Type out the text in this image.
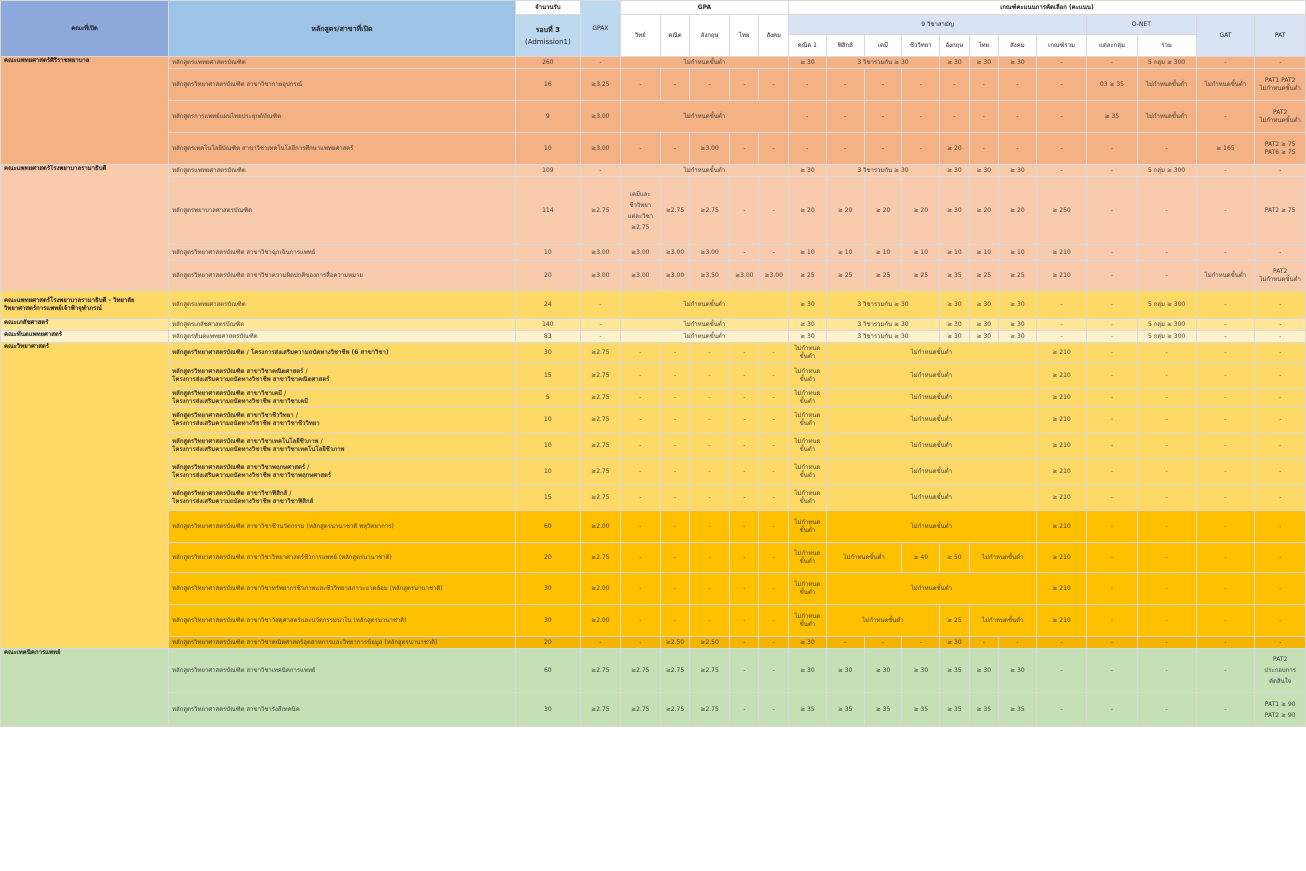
คณะที่เปิด	หลักสูตร/สาขาที่เปิด	จำนวนรับ	GPAX	GPA					เกณฑ์คะแนนการคัดเลือก (คะแนน)											
		รอบที่ 3
(Admission1)		วิทย์	คณิต	อังกฤษ	ไทย	สังคม	9 วิชาสามัญ								O-NET		GAT	PAT

									คณิต 1	ฟิสิกส์	เคมี	ชีววิทยา	อังกฤษ	ไทย	สังคม	เกณฑ์รวม	แต่ละกลุ่ม	รวม		
คณะแพทยศาสตร์ศิริราชพยาบาล	หลักสูตรแพทยศาสตรบัณฑิต	260	-	ไม่กำหนดขั้นต่ำ					≥ 30	3 วิชารวมกัน ≥ 30			≥ 30	≥ 30	≥ 30	-	-	5 กลุ่ม ≥ 300	-	-
	หลักสูตรวิทยาศาสตรบัณฑิต สาขาวิชากายอุปกรณ์	16	≥3.25	-	-	-	-	-	-	-	-	-	-	-	-	-	03 ≥ 35	ไม่กำหนดขั้นต่ำ	ไม่กำหนดขั้นต่ำ	PAT1 PAT2
ไม่กำหนดขั้นต่ำ
	หลักสูตรการแพทย์แผนไทยประยุกต์บัณฑิต	9	≥3.00	ไม่กำหนดขั้นต่ำ					-	-	-	-	-	-	-	-	≥ 35	ไม่กำหนดขั้นต่ำ	-	PAT2
ไม่กำหนดขั้นต่ำ
	หลักสูตรเทคโนโลยีบัณฑิต สาขาวิชาเทคโนโลยีการศึกษาแพทยศาสตร์	10	≥3.00	-	-	≥3.00	-	-	-	-	-	-	≥ 20	-	-	-	-	-	≥ 165	PAT2 ≥ 75
PAT6 ≥ 75
คณะแพทยศาสตร์โรงพยาบาลรามาธิบดี	หลักสูตรแพทยศาสตรบัณฑิต	109	-	ไม่กำหนดขั้นต่ำ					≥ 30	3 วิชารวมกัน ≥ 30			≥ 30	≥ 30	≥ 30	-	-	5 กลุ่ม ≥ 300	-	-
	หลักสูตรพยาบาลศาสตรบัณฑิต	114	≥2.75	เคมีและ
ชีววิทยา
แต่ละวิชา
≥2.75	≥2.75	≥2.75	-	-	≥ 20	≥ 20	≥ 20	≥ 20	≥ 30	≥ 20	≥ 20	≥ 250	-	-	-	PAT2 ≥ 75
	หลักสูตรวิทยาศาสตรบัณฑิต สาขาวิชาฉุกเฉินการแพทย์	10	≥3.00	≥3.00	≥3.00	≥3.00	-	-	≥ 10	≥ 10	≥ 10	≥ 10	≥ 10	≥ 10	≥ 10	≥ 210	-	-	-	-
	หลักสูตรวิทยาศาสตรบัณฑิต สาขาวิชาความผิดปกติของการสื่อความหมาย	20	≥3.00	≥3.00	≥3.00	≥3.50	≥3.00	≥3.00	≥ 25	≥ 25	≥ 25	≥ 25	≥ 35	≥ 25	≥ 25	≥ 210	-	-	ไม่กำหนดขั้นต่ำ	PAT2
ไม่กำหนดขั้นต่ำ
คณะแพทยศาสตร์โรงพยาบาลรามาธิบดี - วิทยาลัยวิทยาศาสตร์การแพทย์เจ้าฟ้าจุฬาภรณ์	หลักสูตรแพทยศาสตรบัณฑิต	24	-	ไม่กำหนดขั้นต่ำ					≥ 30	3 วิชารวมกัน ≥ 30			≥ 30	≥ 30	≥ 30	-	-	5 กลุ่ม ≥ 300	-	-
คณะเภสัชศาสตร์	หลักสูตรเภสัชศาสตรบัณฑิต	140	-	ไม่กำหนดขั้นต่ำ					≥ 30	3 วิชารวมกัน ≥ 30			≥ 30	≥ 30	≥ 30	-	-	5 กลุ่ม ≥ 300	-	-
คณะทันตแพทยศาสตร์	หลักสูตรทันตแพทยศาสตรบัณฑิต	83	-	ไม่กำหนดขั้นต่ำ					≥ 30	3 วิชารวมกัน ≥ 30			≥ 30	≥ 30	≥ 30	-	-	5 กลุ่ม ≥ 300	-	-
คณะวิทยาศาสตร์	หลักสูตรวิทยาศาสตรบัณฑิต / โครงการส่งเสริมความถนัดทางวิชาชีพ (6 สาขาวิชา)	30	≥2.75	-	-	-	-	-	ไม่กำหนด
ขั้นต่ำ	ไม่กำหนดขั้นต่ำ						≥ 210	-	-	-	-
	หลักสูตรวิทยาศาสตรบัณฑิต สาขาวิชาคณิตศาสตร์ /
โครงการส่งเสริมความถนัดทางวิชาชีพ สาขาวิชาคณิตศาสตร์	15	≥2.75	-	-	-	-	-	ไม่กำหนด
ขั้นต่ำ	ไม่กำหนดขั้นต่ำ						≥ 210	-	-	-	-
	หลักสูตรวิทยาศาสตรบัณฑิต สาขาวิชาเคมี /
โครงการส่งเสริมความถนัดทางวิชาชีพ สาขาวิชาเคมี	5	≥2.75	-	-	-	-	-	ไม่กำหนด
ขั้นต่ำ	ไม่กำหนดขั้นต่ำ						≥ 210	-	-	-	-
	หลักสูตรวิทยาศาสตรบัณฑิต สาขาวิชาชีววิทยา /
โครงการส่งเสริมความถนัดทางวิชาชีพ สาขาวิชาชีววิทยา	10	≥2.75	-	-	-	-	-	ไม่กำหนด
ขั้นต่ำ	ไม่กำหนดขั้นต่ำ						≥ 210	-	-	-	-
	หลักสูตรวิทยาศาสตรบัณฑิต สาขาวิชาเทคโนโลยีชีวภาพ /
โครงการส่งเสริมความถนัดทางวิชาชีพ สาขาวิชาเทคโนโลยีชีวภาพ	10	≥2.75	-	-	-	-	-	ไม่กำหนด
ขั้นต่ำ	ไม่กำหนดขั้นต่ำ						≥ 210	-	-	-	-
	หลักสูตรวิทยาศาสตรบัณฑิต สาขาวิชาพฤกษศาสตร์ /
โครงการส่งเสริมความถนัดทางวิชาชีพ สาขาวิชาพฤกษศาสตร์	10	≥2.75	-	-	-	-	-	ไม่กำหนด
ขั้นต่ำ	ไม่กำหนดขั้นต่ำ						≥ 210	-	-	-	-
	หลักสูตรวิทยาศาสตรบัณฑิต สาขาวิชาฟิสิกส์ /
โครงการส่งเสริมความถนัดทางวิชาชีพ สาขาวิชาฟิสิกส์	15	≥2.75	-	-	-	-	-	ไม่กำหนด
ขั้นต่ำ	ไม่กำหนดขั้นต่ำ						≥ 210	-	-	-	-
	หลักสูตรวิทยาศาสตรบัณฑิต สาขาวิชาชีวนวัตกรรม (หลักสูตรนานาชาติ พหุวิทยาการ)	60	≥2.00	-	-	-	-	-	ไม่กำหนด
ขั้นต่ำ	ไม่กำหนดขั้นต่ำ						≥ 210	-	-	-	-
	หลักสูตรวิทยาศาสตรบัณฑิต สาขาวิชาวิทยาศาสตร์ชีวการแพทย์ (หลักสูตรนานาชาติ)	20	≥2.75	-	-	-	-	-	ไม่กำหนด
ขั้นต่ำ	ไม่กำหนดขั้นต่ำ		≥ 40	≥ 50	ไม่กำหนดขั้นต่ำ		≥ 210	-	-	-	-
	หลักสูตรวิทยาศาสตรบัณฑิต สาขาวิชาทรัพยากรชีวภาพและชีววิทยาสภาวะแวดล้อม (หลักสูตรนานาชาติ)	30	≥2.00	-	-	-	-	-	ไม่กำหนด
ขั้นต่ำ	ไม่กำหนดขั้นต่ำ						≥ 210	-	-	-	-
	หลักสูตรวิทยาศาสตรบัณฑิต สาขาวิชาวัสดุศาสตร์และนวัตกรรมนาโน (หลักสูตรนานาชาติ)	30	≥2.00	-	-	-	-	-	ไม่กำหนด
ขั้นต่ำ	ไม่กำหนดขั้นต่ำ			≥ 25	ไม่กำหนดขั้นต่ำ		≥ 210	-	-	-	-
	หลักสูตรวิทยาศาสตรบัณฑิต สาขาวิชาคณิตศาสตร์อุตสาหการและวิทยาการข้อมูล (หลักสูตรนานาชาติ)	20	-	-	≥2.50	≥2.50	-	-	≥ 30	-	-	-	≥ 30	-	-	-	-	-	-	-
คณะเทคนิคการแพทย์	หลักสูตรวิทยาศาสตรบัณฑิต สาขาวิชาเทคนิคการแพทย์	60	≥2.75	≥2.75	≥2.75	≥2.75	-	-	≥ 30	≥ 30	≥ 30	≥ 30	≥ 35	≥ 30	≥ 30	-	-	-	-	PAT2
ประกอบการ
ตัดสินใจ
	หลักสูตรวิทยาศาสตรบัณฑิต สาขาวิชารังสีเทคนิค	30	≥2.75	≥2.75	≥2.75	≥2.75	-	-	≥ 35	≥ 35	≥ 35	≥ 35	≥ 35	≥ 35	≥ 35	-	-	-	-	PAT1 ≥ 90
PAT2 ≥ 90
